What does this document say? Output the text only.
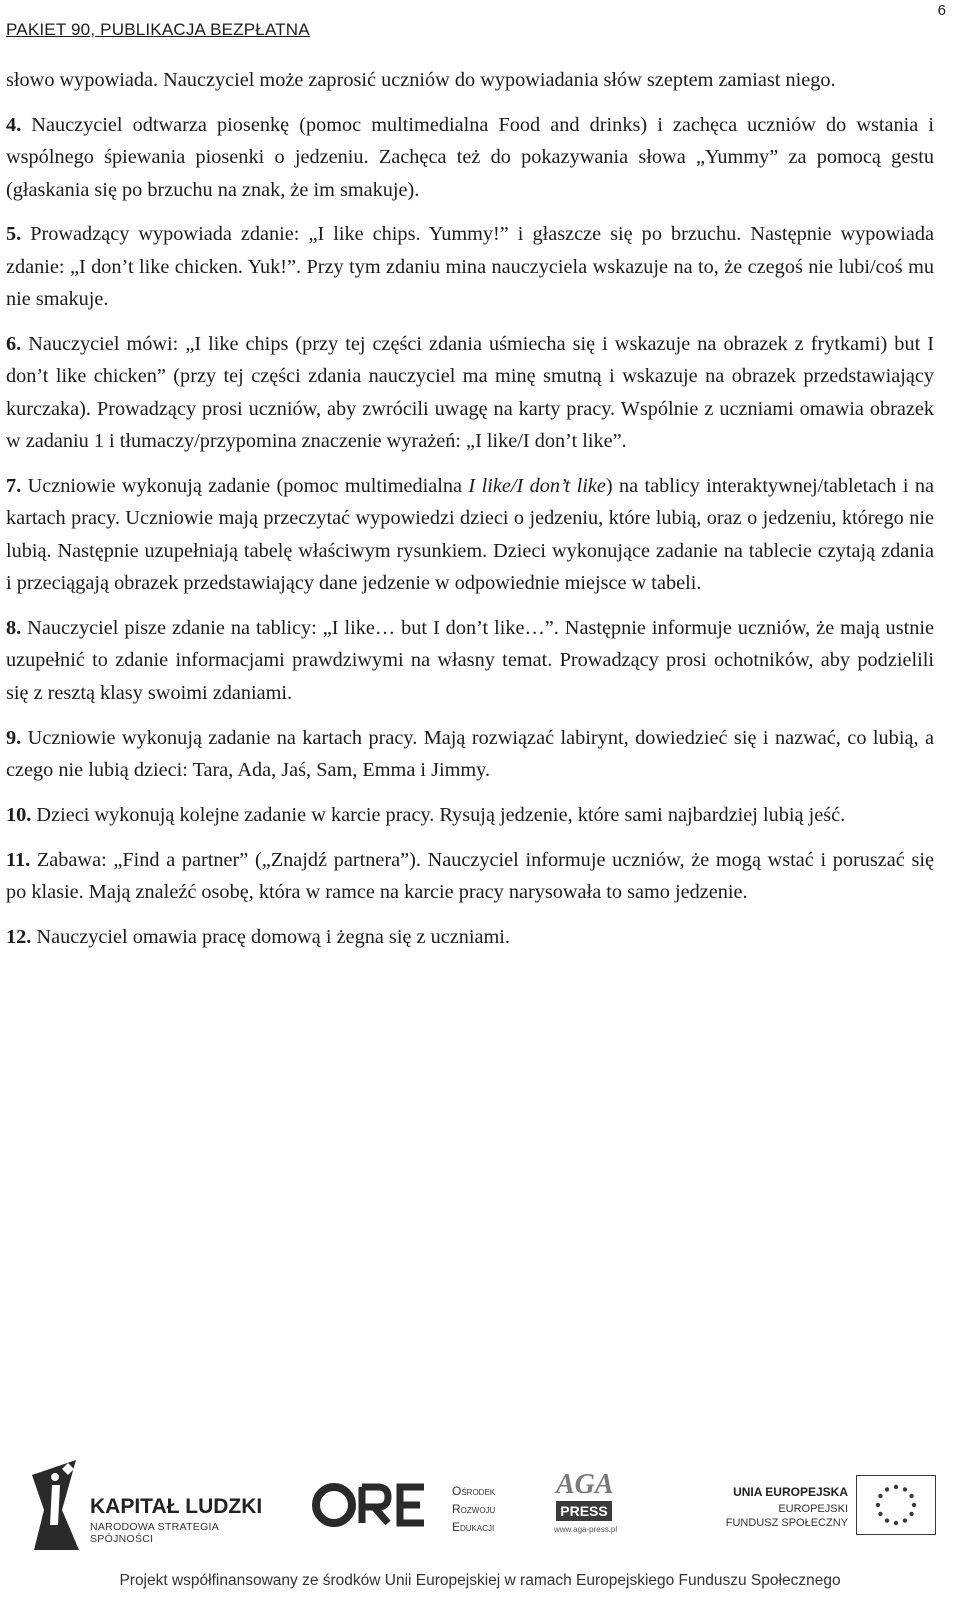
PAKIET 90, PUBLIKACJA BEZPŁATNA
6

słowo wypowiada. Nauczyciel może zaprosić uczniów do wypowiadania słów szeptem zamiast niego.

4. Nauczyciel odtwarza piosenkę (pomoc multimedialna Food and drinks) i zachęca uczniów do wstania i wspólnego śpiewania piosenki o jedzeniu. Zachęca też do pokazywania słowa „Yummy” za pomocą gestu (głaskania się po brzuchu na znak, że im smakuje).

5. Prowadzący wypowiada zdanie: „I like chips. Yummy!” i głaszcze się po brzuchu. Następnie wypowiada zdanie: „I don’t like chicken. Yuk!”. Przy tym zdaniu mina nauczyciela wskazuje na to, że czegoś nie lubi/coś mu nie smakuje.

6. Nauczyciel mówi: „I like chips (przy tej części zdania uśmiecha się i wskazuje na obrazek z frytkami) but I don’t like chicken” (przy tej części zdania nauczyciel ma minę smutną i wskazuje na obrazek przedstawiający kurczaka). Prowadzący prosi uczniów, aby zwrócili uwagę na karty pracy. Wspólnie z uczniami omawia obrazek w zadaniu 1 i tłumaczy/przypomina znaczenie wyrażeń: „I like/I don’t like”.

7. Uczniowie wykonują zadanie (pomoc multimedialna I like/I don’t like) na tablicy interaktywnej/tabletach i na kartach pracy. Uczniowie mają przeczytać wypowiedzi dzieci o jedzeniu, które lubią, oraz o jedzeniu, którego nie lubią. Następnie uzupełniają tabelę właściwym rysunkiem. Dzieci wykonujące zadanie na tablecie czytają zdania i przeciągają obrazek przedstawiający dane jedzenie w odpowiednie miejsce w tabeli.

8. Nauczyciel pisze zdanie na tablicy: „I like… but I don’t like…”. Następnie informuje uczniów, że mają ustnie uzupełnić to zdanie informacjami prawdziwymi na własny temat. Prowadzący prosi ochotników, aby podzielili się z resztą klasy swoimi zdaniami.

9. Uczniowie wykonują zadanie na kartach pracy. Mają rozwiązać labirynt, dowiedzieć się i nazwać, co lubią, a czego nie lubią dzieci: Tara, Ada, Jaś, Sam, Emma i Jimmy.

10. Dzieci wykonują kolejne zadanie w karcie pracy. Rysują jedzenie, które sami najbardziej lubią jeść.

11. Zabawa: „Find a partner” („Znajdź partnera”). Nauczyciel informuje uczniów, że mogą wstać i poruszać się po klasie. Mają znaleźć osobę, która w ramce na karcie pracy narysowała to samo jedzenie.

12. Nauczyciel omawia pracę domową i żegna się z uczniami.

KAPITAŁ LUDZKI
NARODOWA STRATEGIA SPÓJNOŚCI
ORE
Ośrodek
Rozwoju
Edukacji
AGA
PRESS
www.aga-press.pl
UNIA EUROPEJSKA
EUROPEJSKI
FUNDUSZ SPOŁECZNY
Projekt współfinansowany ze środków Unii Europejskiej w ramach Europejskiego Funduszu Społecznego
